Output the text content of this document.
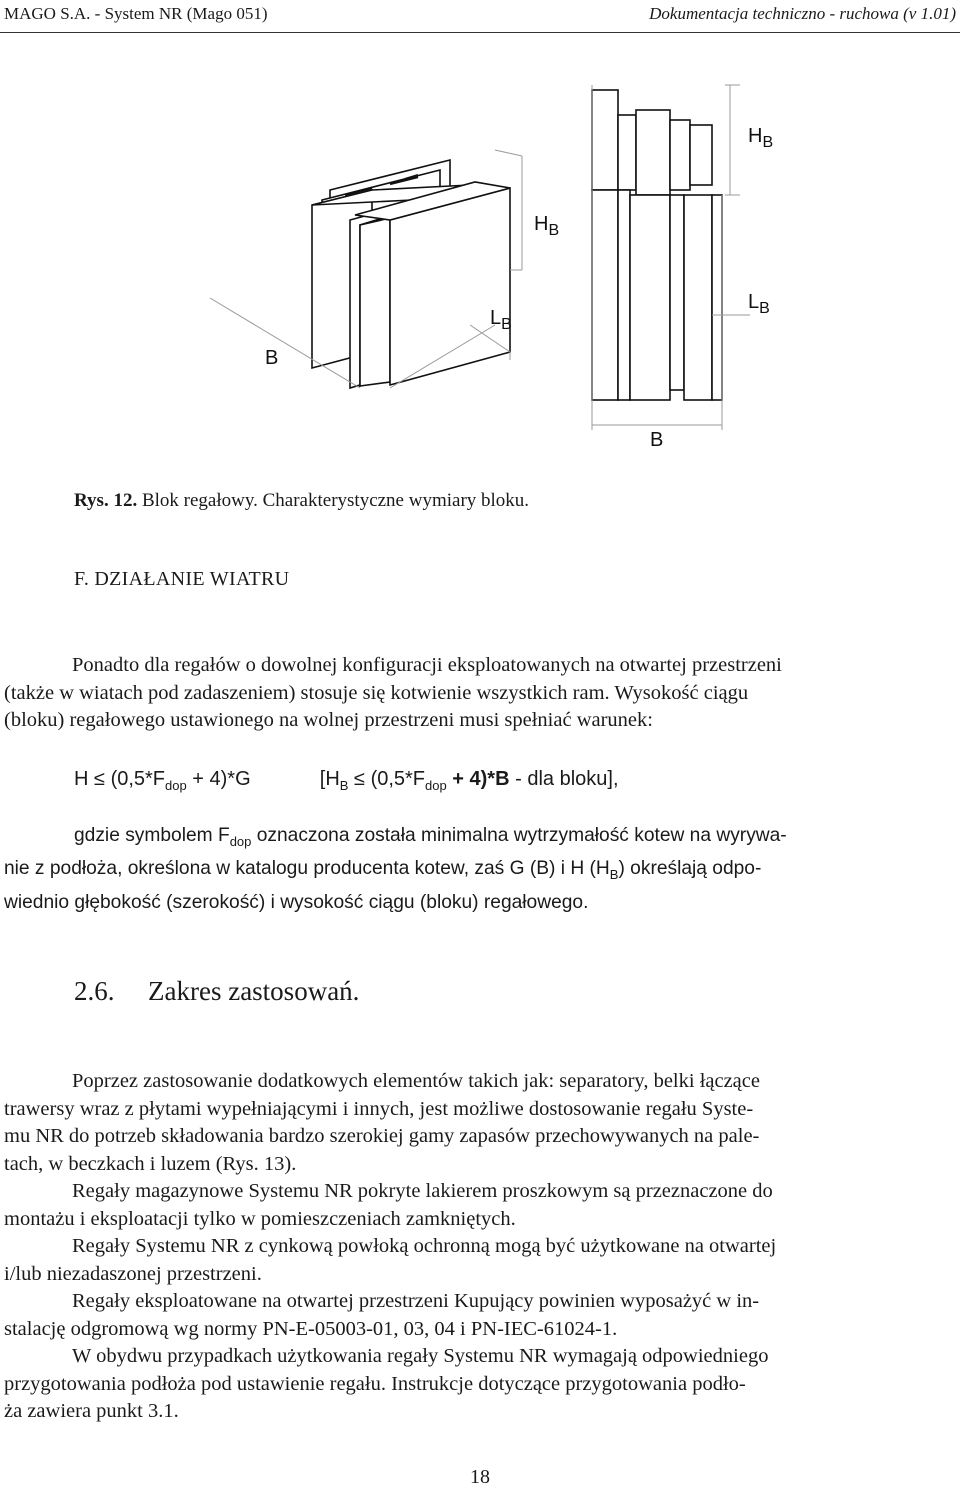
MAGO S.A. - System NR (Mago 051)	Dokumentacja techniczno - ruchowa (v 1.01)
$H_B$
$H_B$
$L_B$
$L_B$
B
B
Rys. 12. Blok regałowy. Charakterystyczne wymiary bloku.
F. DZIAŁANIE WIATRU
Ponadto dla regałów o dowolnej konfiguracji eksploatowanych na otwartej przestrzeni
(także w wiatach pod zadaszeniem) stosuje się kotwienie wszystkich ram. Wysokość ciągu
(bloku) regałowego ustawionego na wolnej przestrzeni musi spełniać warunek:
$H \le (0,5*F_{dop} + 4)*G$	[$H_B \le (0,5*F_{dop} + 4)*B$ - dla bloku],
gdzie symbolem $F_{dop}$ oznaczona została minimalna wytrzymałość kotew na wyrywa-
nie z podłoża, określona w katalogu producenta kotew, zaś G (B) i H $(H_B)$ określają odpo-
wiednio głębokość (szerokość) i wysokość ciągu (bloku) regałowego.
2.6. Zakres zastosowań.
Poprzez zastosowanie dodatkowych elementów takich jak: separatory, belki łączące
trawersy wraz z płytami wypełniającymi i innych, jest możliwe dostosowanie regału Syste-
mu NR do potrzeb składowania bardzo szerokiej gamy zapasów przechowywanych na pale-
tach, w beczkach i luzem (Rys. 13).
Regały magazynowe Systemu NR pokryte lakierem proszkowym są przeznaczone do
montażu i eksploatacji tylko w pomieszczeniach zamkniętych.
Regały Systemu NR z cynkową powłoką ochronną mogą być użytkowane na otwartej
i/lub niezadaszonej przestrzeni.
Regały eksploatowane na otwartej przestrzeni Kupujący powinien wyposażyć w in-
stalację odgromową wg normy PN-E-05003-01, 03, 04 i PN-IEC-61024-1.
W obydwu przypadkach użytkowania regały Systemu NR wymagają odpowiedniego
przygotowania podłoża pod ustawienie regału. Instrukcje dotyczące przygotowania podło-
ża zawiera punkt 3.1.
18
